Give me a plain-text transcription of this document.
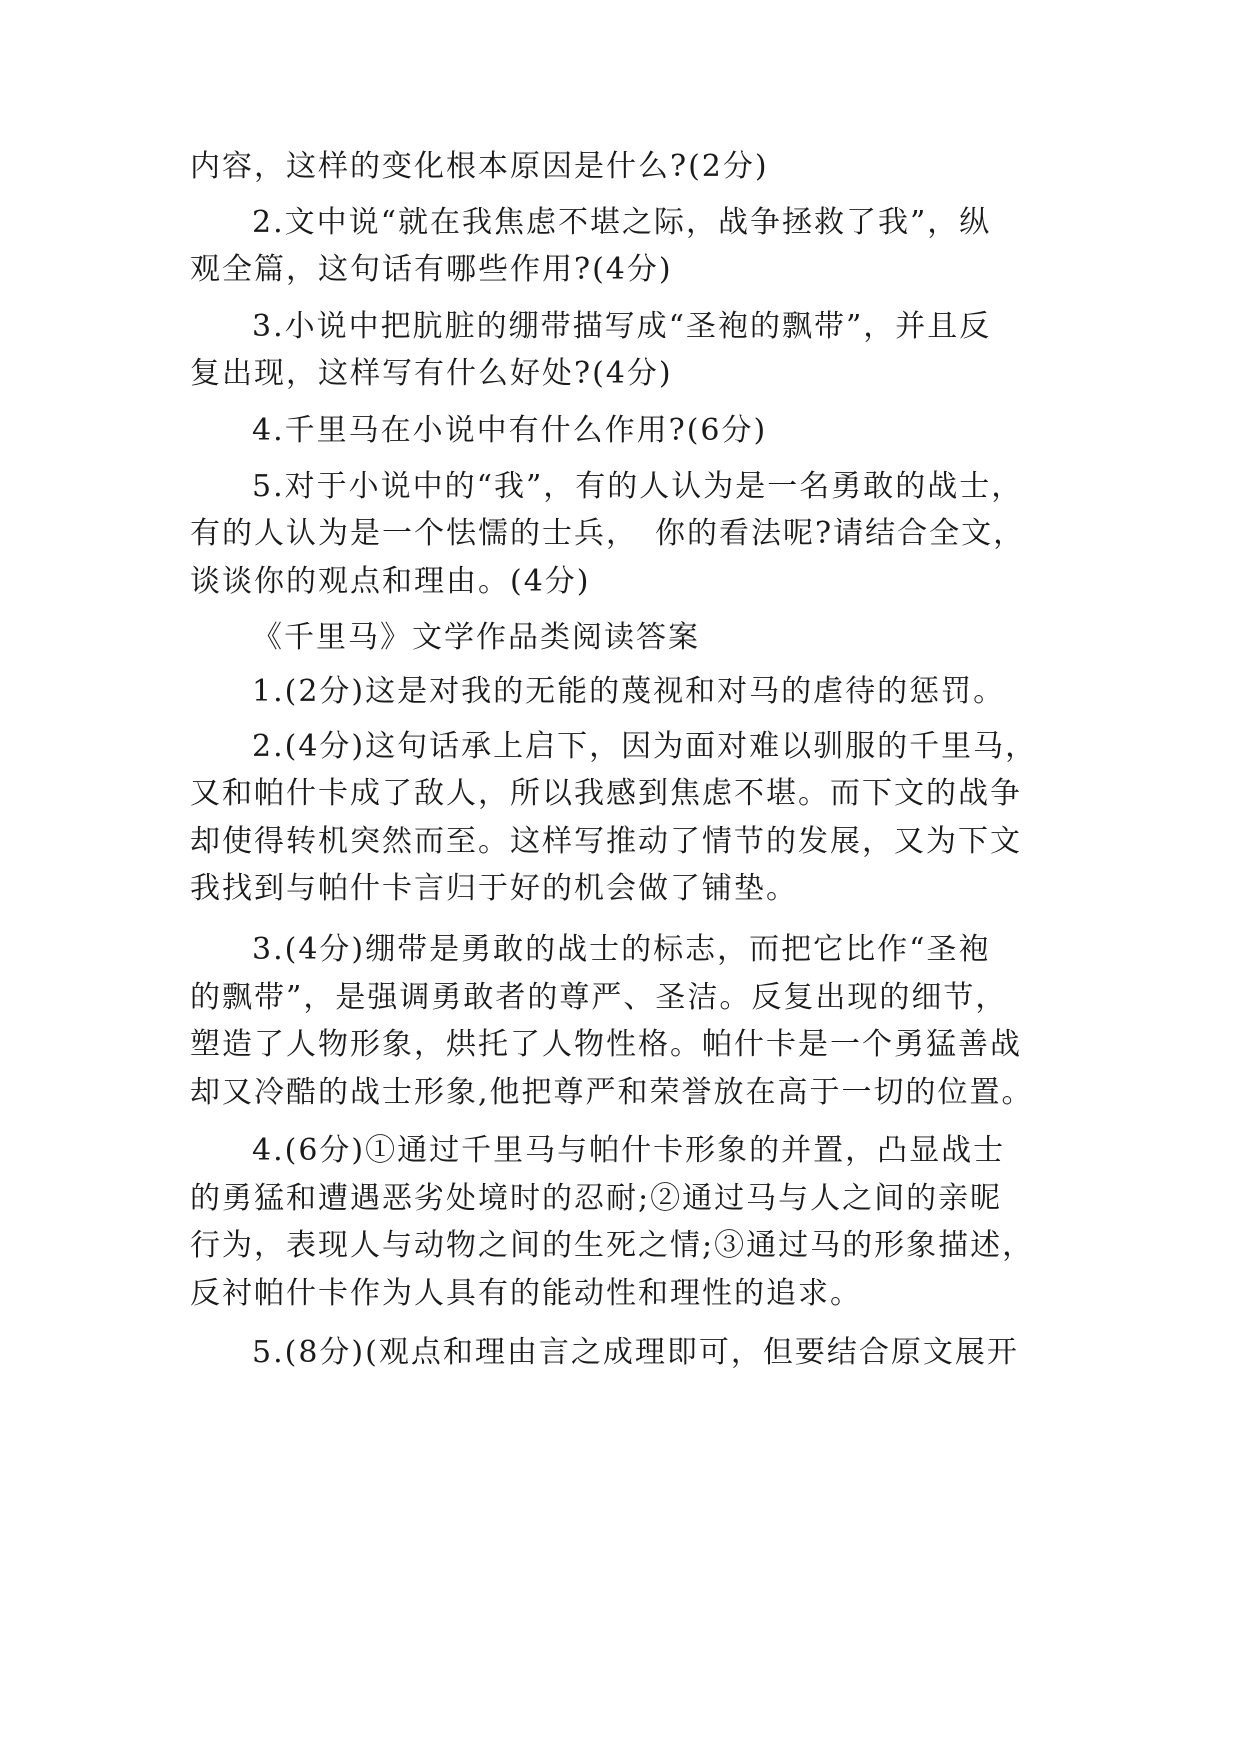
内容，这样的变化根本原因是什么?(2分)
2.文中说“就在我焦虑不堪之际，战争拯救了我”，纵
观全篇，这句话有哪些作用?(4分)
3.小说中把肮脏的绷带描写成“圣袍的飘带”，并且反
复出现，这样写有什么好处?(4分)
4.千里马在小说中有什么作用?(6分)
5.对于小说中的“我”，有的人认为是一名勇敢的战士，
有的人认为是一个怯懦的士兵，　你的看法呢?请结合全文，
谈谈你的观点和理由。(4分)
《千里马》文学作品类阅读答案
1.(2分)这是对我的无能的蔑视和对马的虐待的惩罚。
2.(4分)这句话承上启下，因为面对难以驯服的千里马，
又和帕什卡成了敌人，所以我感到焦虑不堪。而下文的战争
却使得转机突然而至。这样写推动了情节的发展，又为下文
我找到与帕什卡言归于好的机会做了铺垫。
3.(4分)绷带是勇敢的战士的标志，而把它比作“圣袍
的飘带”，是强调勇敢者的尊严、圣洁。反复出现的细节，
塑造了人物形象，烘托了人物性格。帕什卡是一个勇猛善战
却又冷酷的战士形象,他把尊严和荣誉放在高于一切的位置。
4.(6分)①通过千里马与帕什卡形象的并置，凸显战士
的勇猛和遭遇恶劣处境时的忍耐;②通过马与人之间的亲昵
行为，表现人与动物之间的生死之情;③通过马的形象描述，
反衬帕什卡作为人具有的能动性和理性的追求。
5.(8分)(观点和理由言之成理即可，但要结合原文展开
